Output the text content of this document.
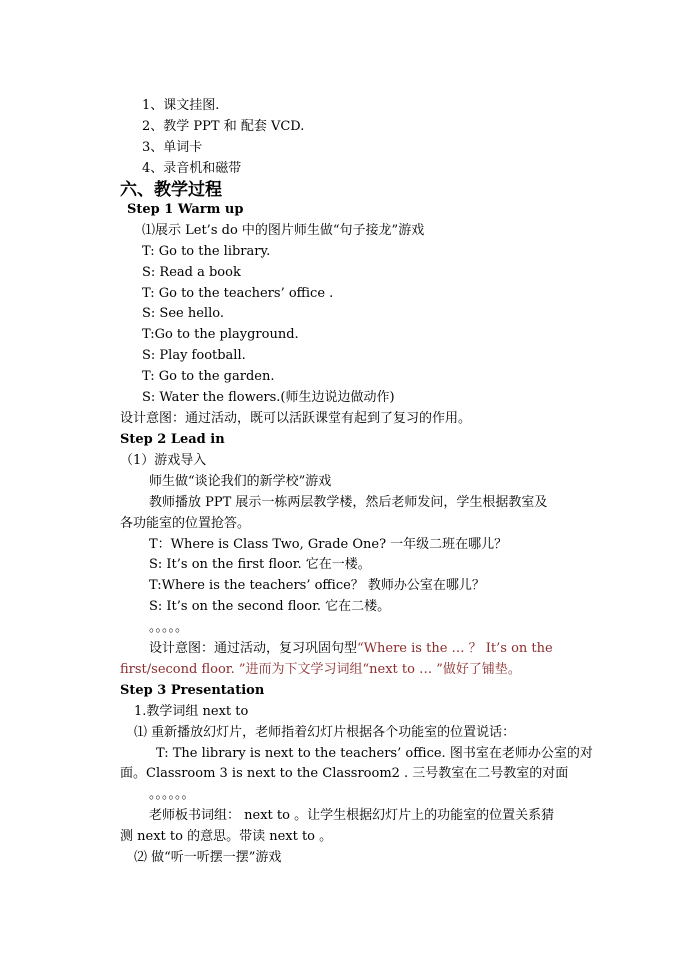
1、课文挂图.
2、教学 PPT 和 配套 VCD.
3、单词卡
4、录音机和磁带
六、教学过程
Step 1 Warm up
⑴展示 Let’s do 中的图片师生做“句子接龙”游戏
T: Go to the library.
S: Read a book
T: Go to the teachers’ office .
S: See hello.
T:Go to the playground.
S: Play football.
T: Go to the garden.
S: Water the flowers.(师生边说边做动作)
设计意图：通过活动，既可以活跃课堂有起到了复习的作用。
Step 2 Lead in
（1）游戏导入
师生做“谈论我们的新学校”游戏
教师播放 PPT 展示一栋两层教学楼，然后老师发问，学生根据教室及
各功能室的位置抢答。
T：Where is Class Two, Grade One? 一年级二班在哪儿？
S: It’s on the first floor. 它在一楼。
T:Where is the teachers’ office？ 教师办公室在哪儿？
S: It’s on the second floor. 它在二楼。
。。。。。
设计意图：通过活动，复习巩固句型“Where is the … ？ It’s on the
first/second floor. ”进而为下文学习词组“next to … ”做好了铺垫。
Step 3 Presentation
1.教学词组 next to
⑴ 重新播放幻灯片，老师指着幻灯片根据各个功能室的位置说话：
T: The library is next to the teachers’ office. 图书室在老师办公室的对
面。Classroom 3 is next to the Classroom2 . 三号教室在二号教室的对面
。。。。。。
老师板书词组： next to 。让学生根据幻灯片上的功能室的位置关系猜
测 next to 的意思。带读 next to 。
⑵ 做“听一听摆一摆”游戏
